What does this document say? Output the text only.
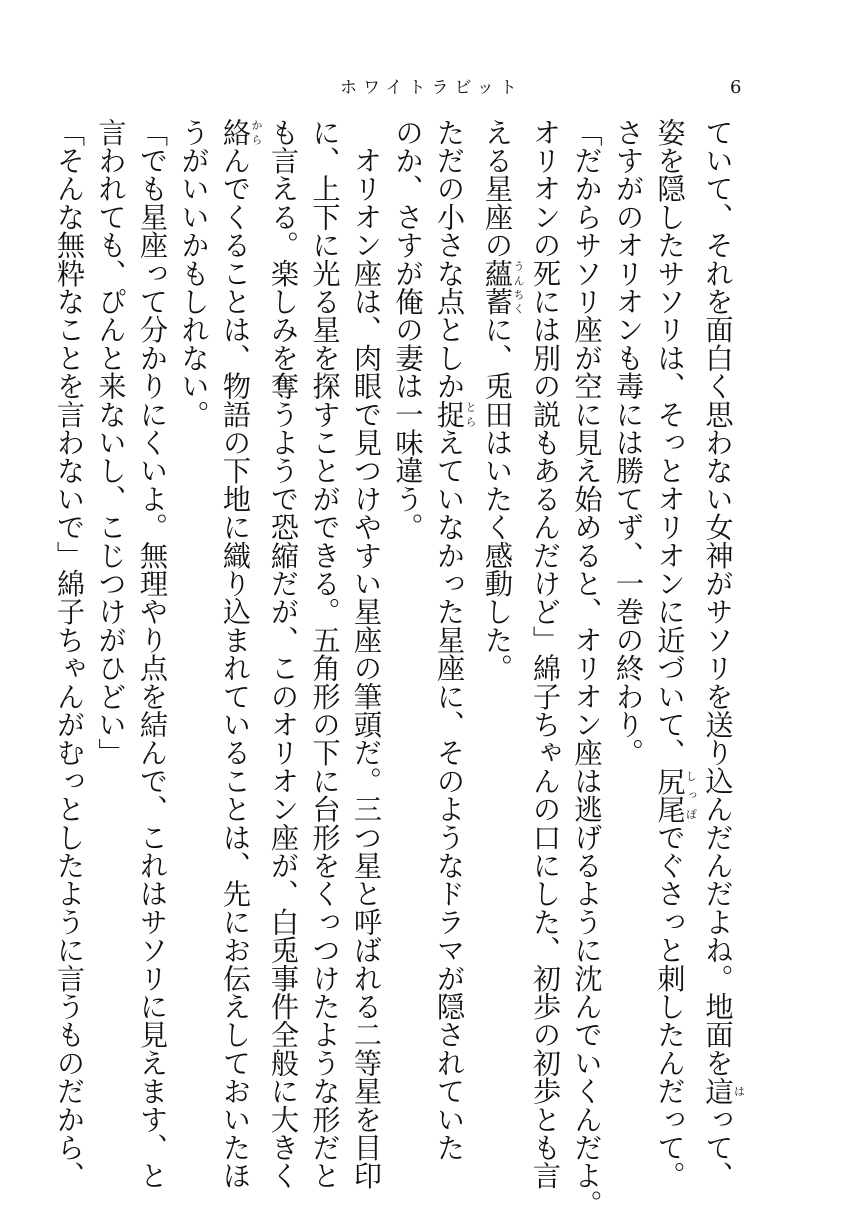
ホワイトラビット	6
ていて、それを面白く思わない女神がサソリを送り込んだんだよね。地面を這はって、
姿を隠したサソリは、そっとオリオンに近づいて、尻尾しっぽでぐさっと刺したんだって。
さすがのオリオンも毒には勝てず、一巻の終わり。
「だからサソリ座が空に見え始めると、オリオン座は逃げるように沈んでいくんだよ。
オリオンの死には別の説もあるんだけど」綿子ちゃんの口にした、初歩の初歩とも言
える星座の蘊蓄うんちくに、兎田はいたく感動した。
ただの小さな点としか捉とらえていなかった星座に、そのようなドラマが隠されていた
のか、さすが俺の妻は一味違う。
　オリオン座は、肉眼で見つけやすい星座の筆頭だ。三つ星と呼ばれる二等星を目印
に、上下に光る星を探すことができる。五角形の下に台形をくっつけたような形だと
も言える。楽しみを奪うようで恐縮だが、このオリオン座が、白兎事件全般に大きく
絡からんでくることは、物語の下地に織り込まれていることは、先にお伝えしておいたほ
うがいいかもしれない。
「でも星座って分かりにくいよ。無理やり点を結んで、これはサソリに見えます、と
言われても、ぴんと来ないし、こじつけがひどい」
「そんな無粋なことを言わないで」綿子ちゃんがむっとしたように言うものだから、
